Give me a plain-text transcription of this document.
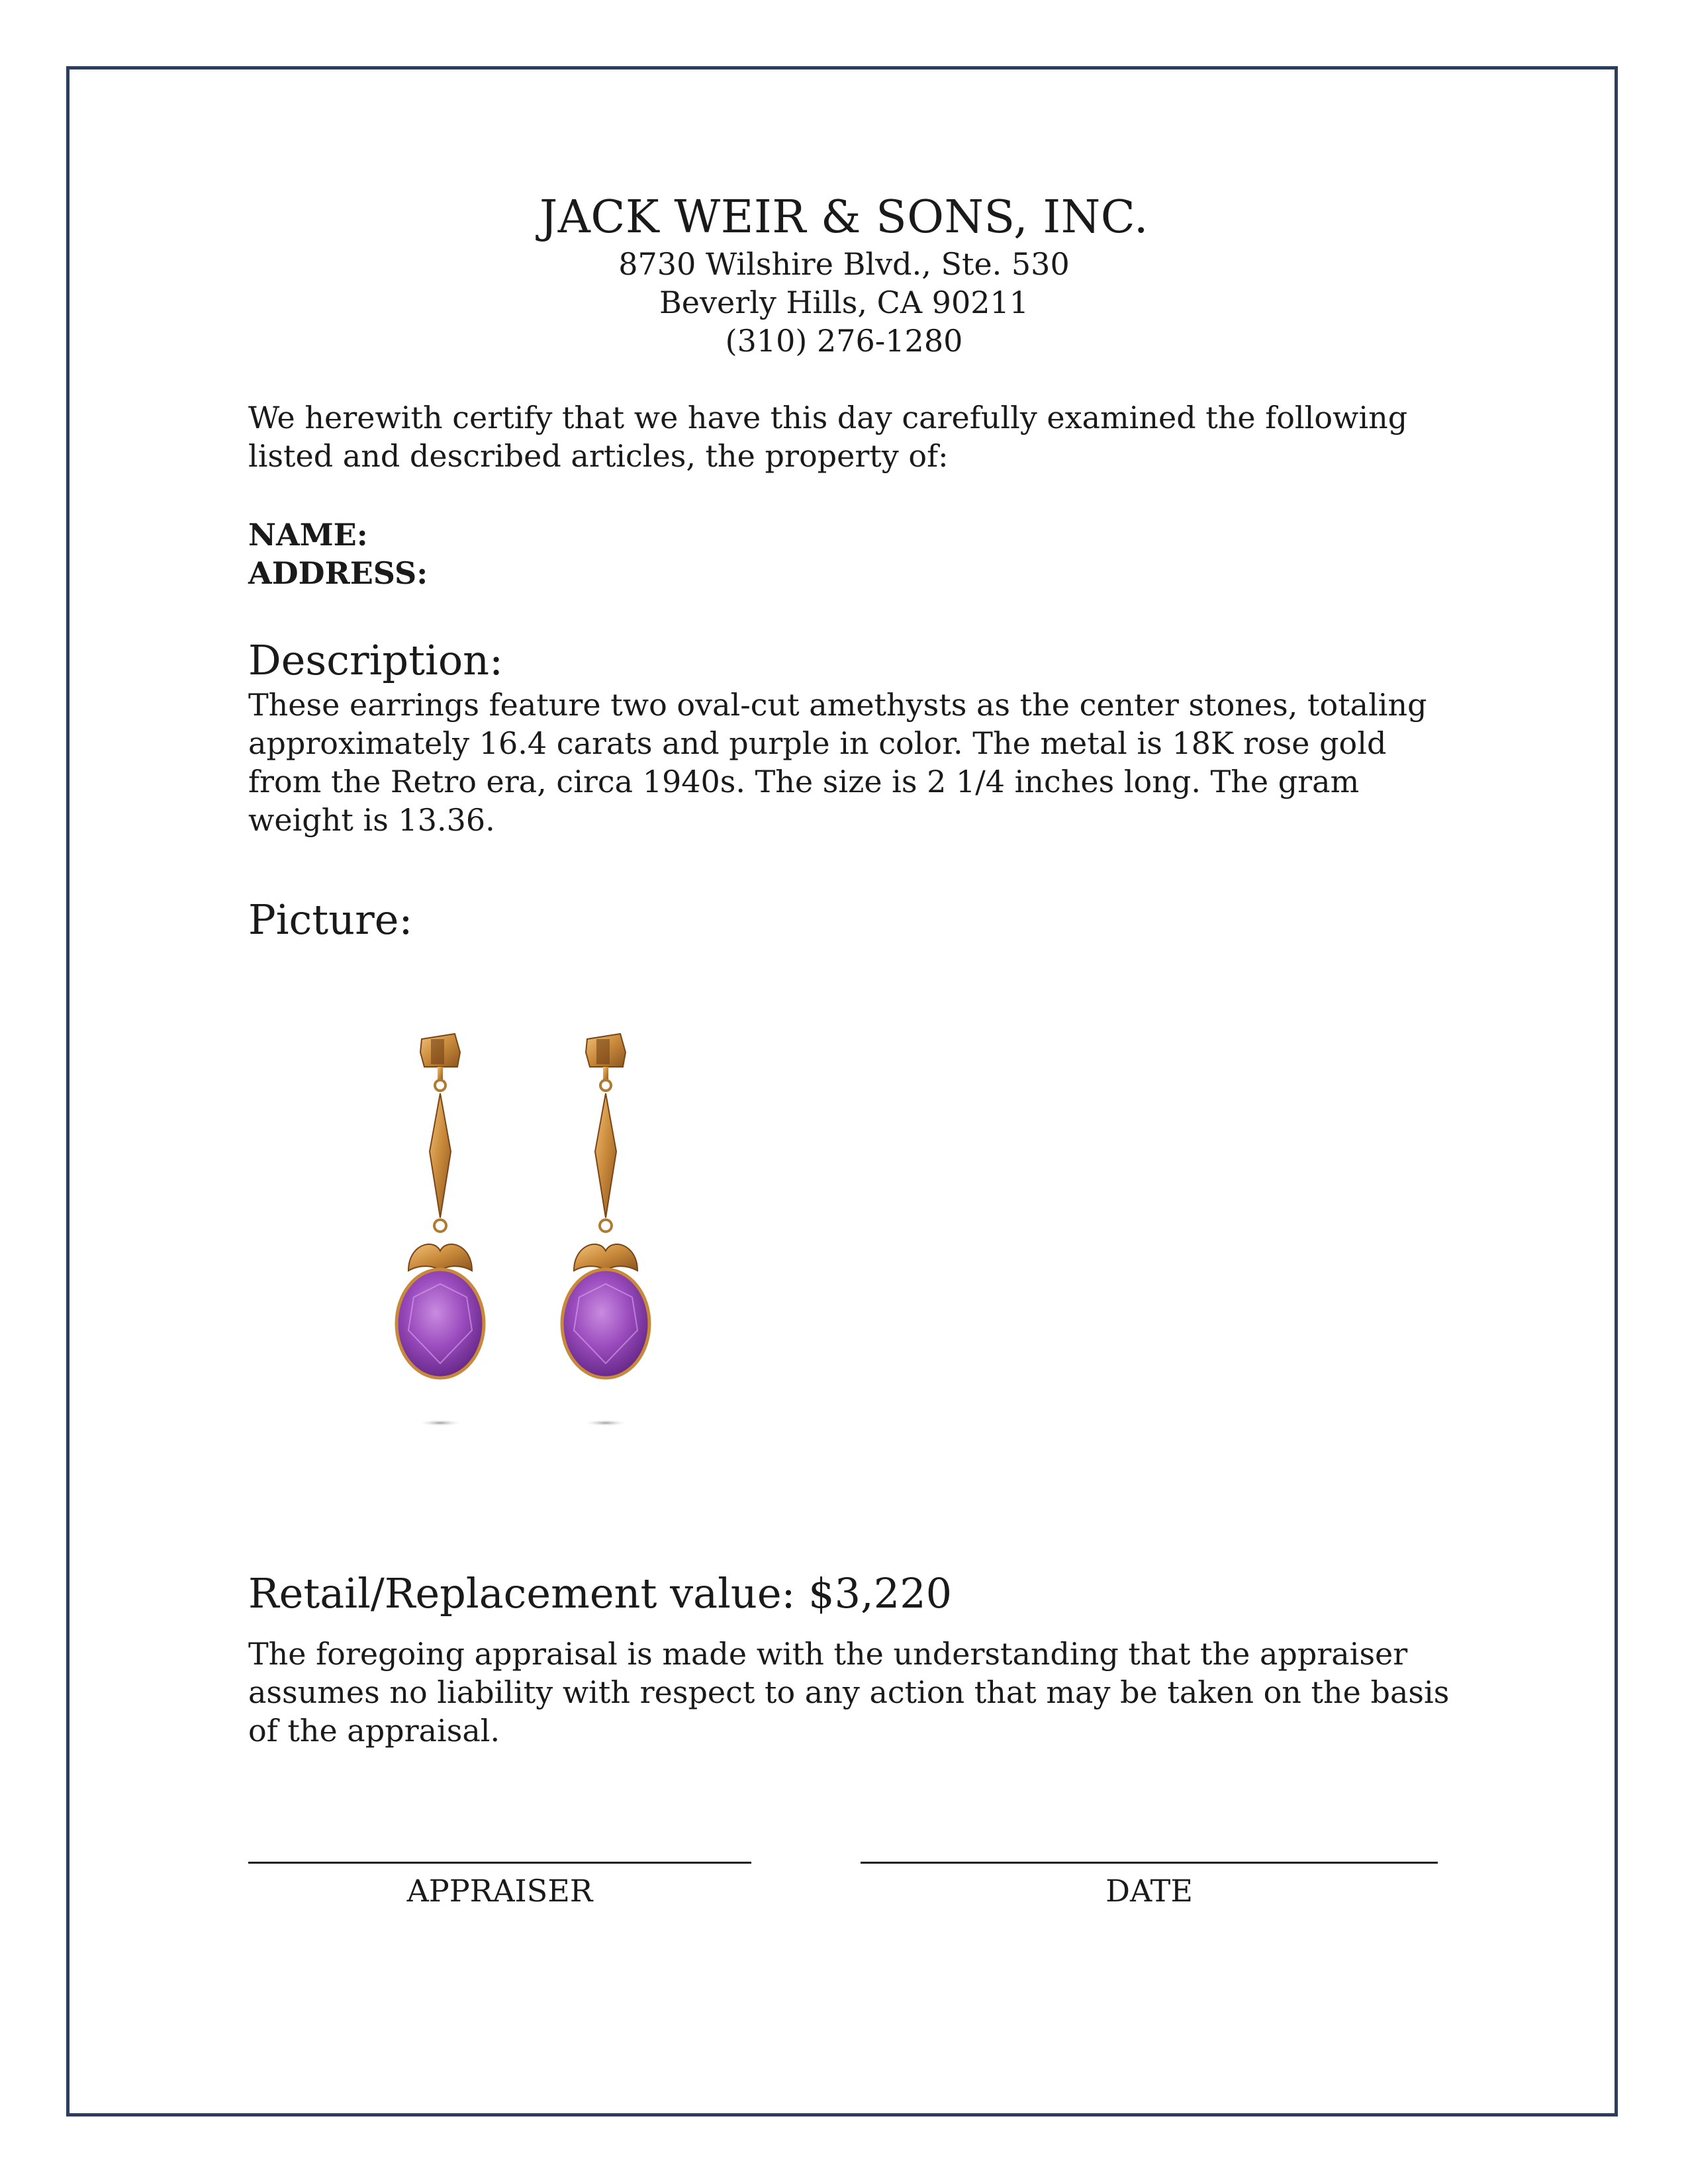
JACK WEIR & SONS, INC.
8730 Wilshire Blvd., Ste. 530
Beverly Hills, CA 90211
(310) 276-1280
We herewith certify that we have this day carefully examined the following listed and described articles, the property of:
NAME:
ADDRESS:
Description:
These earrings feature two oval-cut amethysts as the center stones, totaling approximately 16.4 carats and purple in color. The metal is 18K rose gold from the Retro era, circa 1940s. The size is 2 1/4 inches long. The gram weight is 13.36.
Picture:
Retail/Replacement value: $3,220
The foregoing appraisal is made with the understanding that the appraiser assumes no liability with respect to any action that may be taken on the basis of the appraisal.
APPRAISER	DATE
